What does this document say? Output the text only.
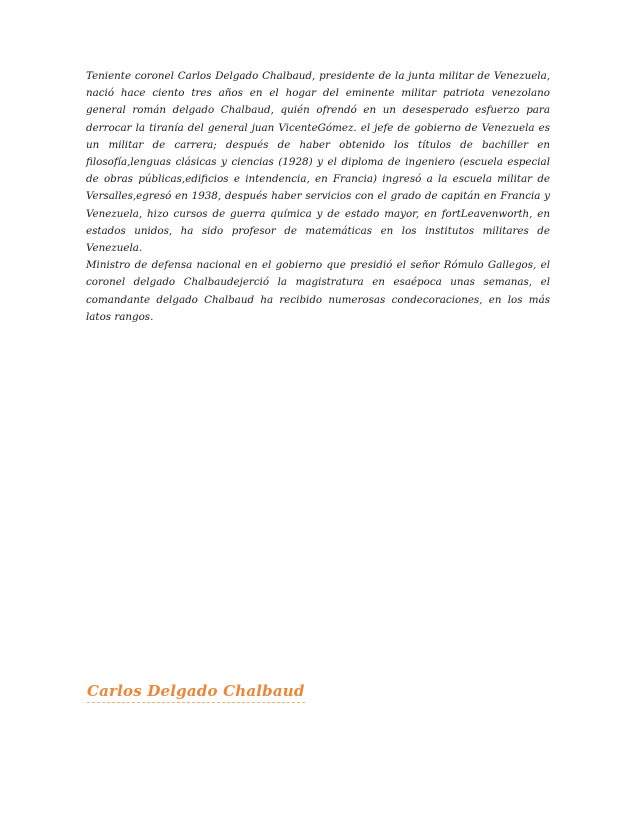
Teniente coronel Carlos Delgado Chalbaud, presidente de la junta militar de Venezuela, nació hace ciento tres años en el hogar del eminente militar patriota venezolano general román delgado Chalbaud, quién ofrendó en un desesperado esfuerzo para derrocar la tiranía del general juan VicenteGómez. el jefe de gobierno de Venezuela es un militar de carrera; después de haber obtenido los títulos de bachiller en filosofía,lenguas clásicas y ciencias (1928) y el diploma de ingeniero (escuela especial de obras públicas,edificios e intendencia, en Francia) ingresó a la escuela militar de Versalles,egresó en 1938, después haber servicios con el grado de capitán en Francia y Venezuela, hizo cursos de guerra química y de estado mayor, en fortLeavenworth, en estados unidos, ha sido profesor de matemáticas en los institutos militares de Venezuela.

Ministro de defensa nacional en el gobierno que presidió el señor Rómulo Gallegos, el coronel delgado Chalbaudejerció la magistratura en esaépoca unas semanas, el comandante delgado Chalbaud ha recibido numerosas condecoraciones, en los más latos rangos.

Carlos Delgado Chalbaud
